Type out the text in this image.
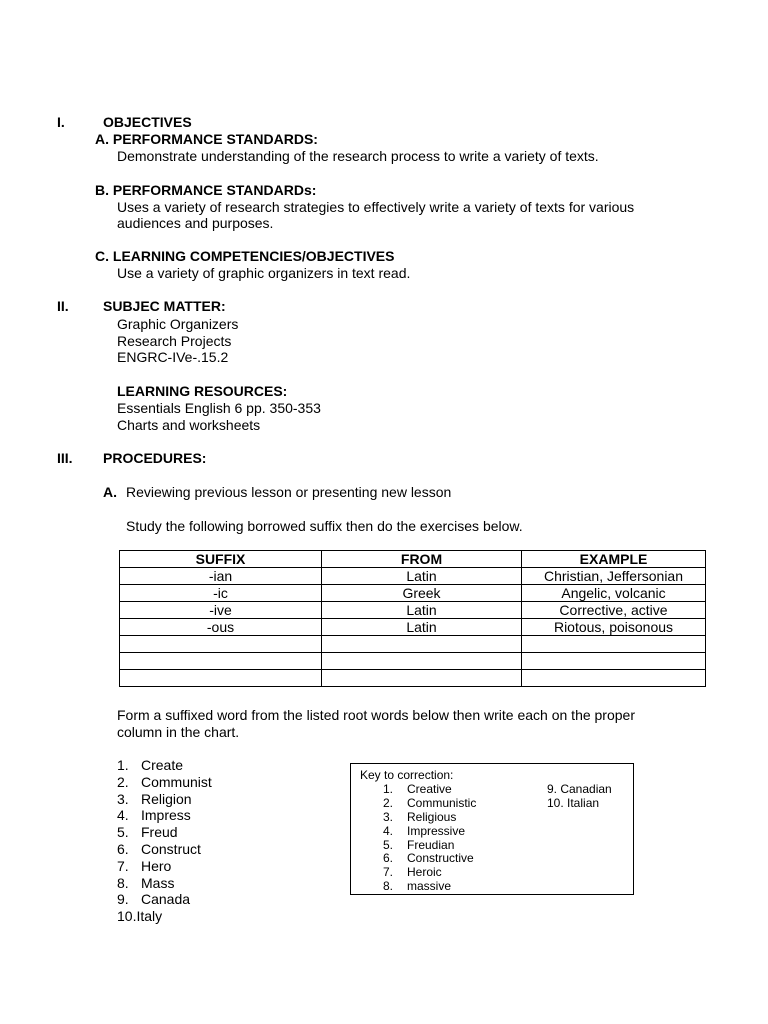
I.	OBJECTIVES
A. PERFORMANCE STANDARDS:
Demonstrate understanding of the research process to write a variety of texts.
B. PERFORMANCE STANDARDs:
Uses a variety of research strategies to effectively write a variety of texts for various
audiences and purposes.
C. LEARNING COMPETENCIES/OBJECTIVES
Use a variety of graphic organizers in text read.
II. SUBJEC MATTER:
Graphic Organizers
Research Projects
ENGRC-IVe-.15.2
LEARNING RESOURCES:
Essentials English 6 pp. 350-353
Charts and worksheets
III. PROCEDURES:
A. Reviewing previous lesson or presenting new lesson
Study the following borrowed suffix then do the exercises below.
SUFFIX	FROM	EXAMPLE
-ian	Latin	Christian, Jeffersonian
-ic	Greek	Angelic, volcanic
-ive	Latin	Corrective, active
-ous	Latin	Riotous, poisonous

Form a suffixed word from the listed root words below then write each on the proper
column in the chart.
1. Create
2. Communist
3. Religion
4. Impress
5. Freud
6. Construct
7. Hero
8. Mass
9. Canada
10.Italy
Key to correction:
1. Creative
2. Communistic
3. Religious
4. Impressive
5. Freudian
6. Constructive
7. Heroic
8. massive
9. Canadian
10. Italian
